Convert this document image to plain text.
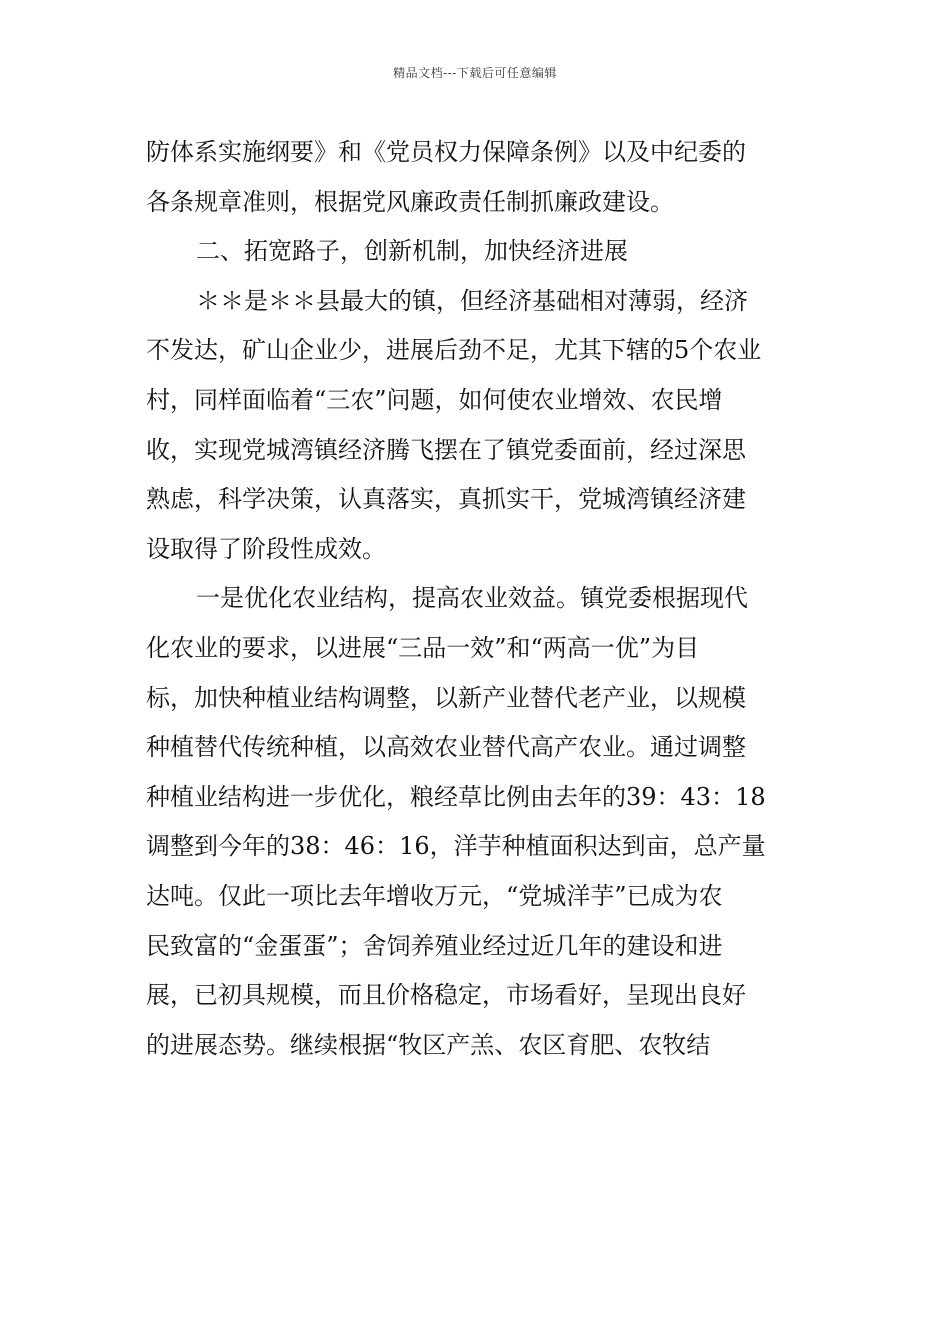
精品文档---下载后可任意编辑
防体系实施纲要》和《党员权力保障条例》以及中纪委的
各条规章准则，根据党风廉政责任制抓廉政建设。
二、拓宽路子，创新机制，加快经济进展
＊＊是＊＊县最大的镇，但经济基础相对薄弱，经济
不发达，矿山企业少，进展后劲不足，尤其下辖的5个农业
村，同样面临着“三农”问题，如何使农业增效、农民增
收，实现党城湾镇经济腾飞摆在了镇党委面前，经过深思
熟虑，科学决策，认真落实，真抓实干，党城湾镇经济建
设取得了阶段性成效。
一是优化农业结构，提高农业效益。镇党委根据现代
化农业的要求，以进展“三品一效”和“两高一优”为目
标，加快种植业结构调整，以新产业替代老产业，以规模
种植替代传统种植，以高效农业替代高产农业。通过调整
种植业结构进一步优化，粮经草比例由去年的39：43：18
调整到今年的38：46：16，洋芋种植面积达到亩，总产量
达吨。仅此一项比去年增收万元，“党城洋芋”已成为农
民致富的“金蛋蛋”；舍饲养殖业经过近几年的建设和进
展，已初具规模，而且价格稳定，市场看好，呈现出良好
的进展态势。继续根据“牧区产羔、农区育肥、农牧结
